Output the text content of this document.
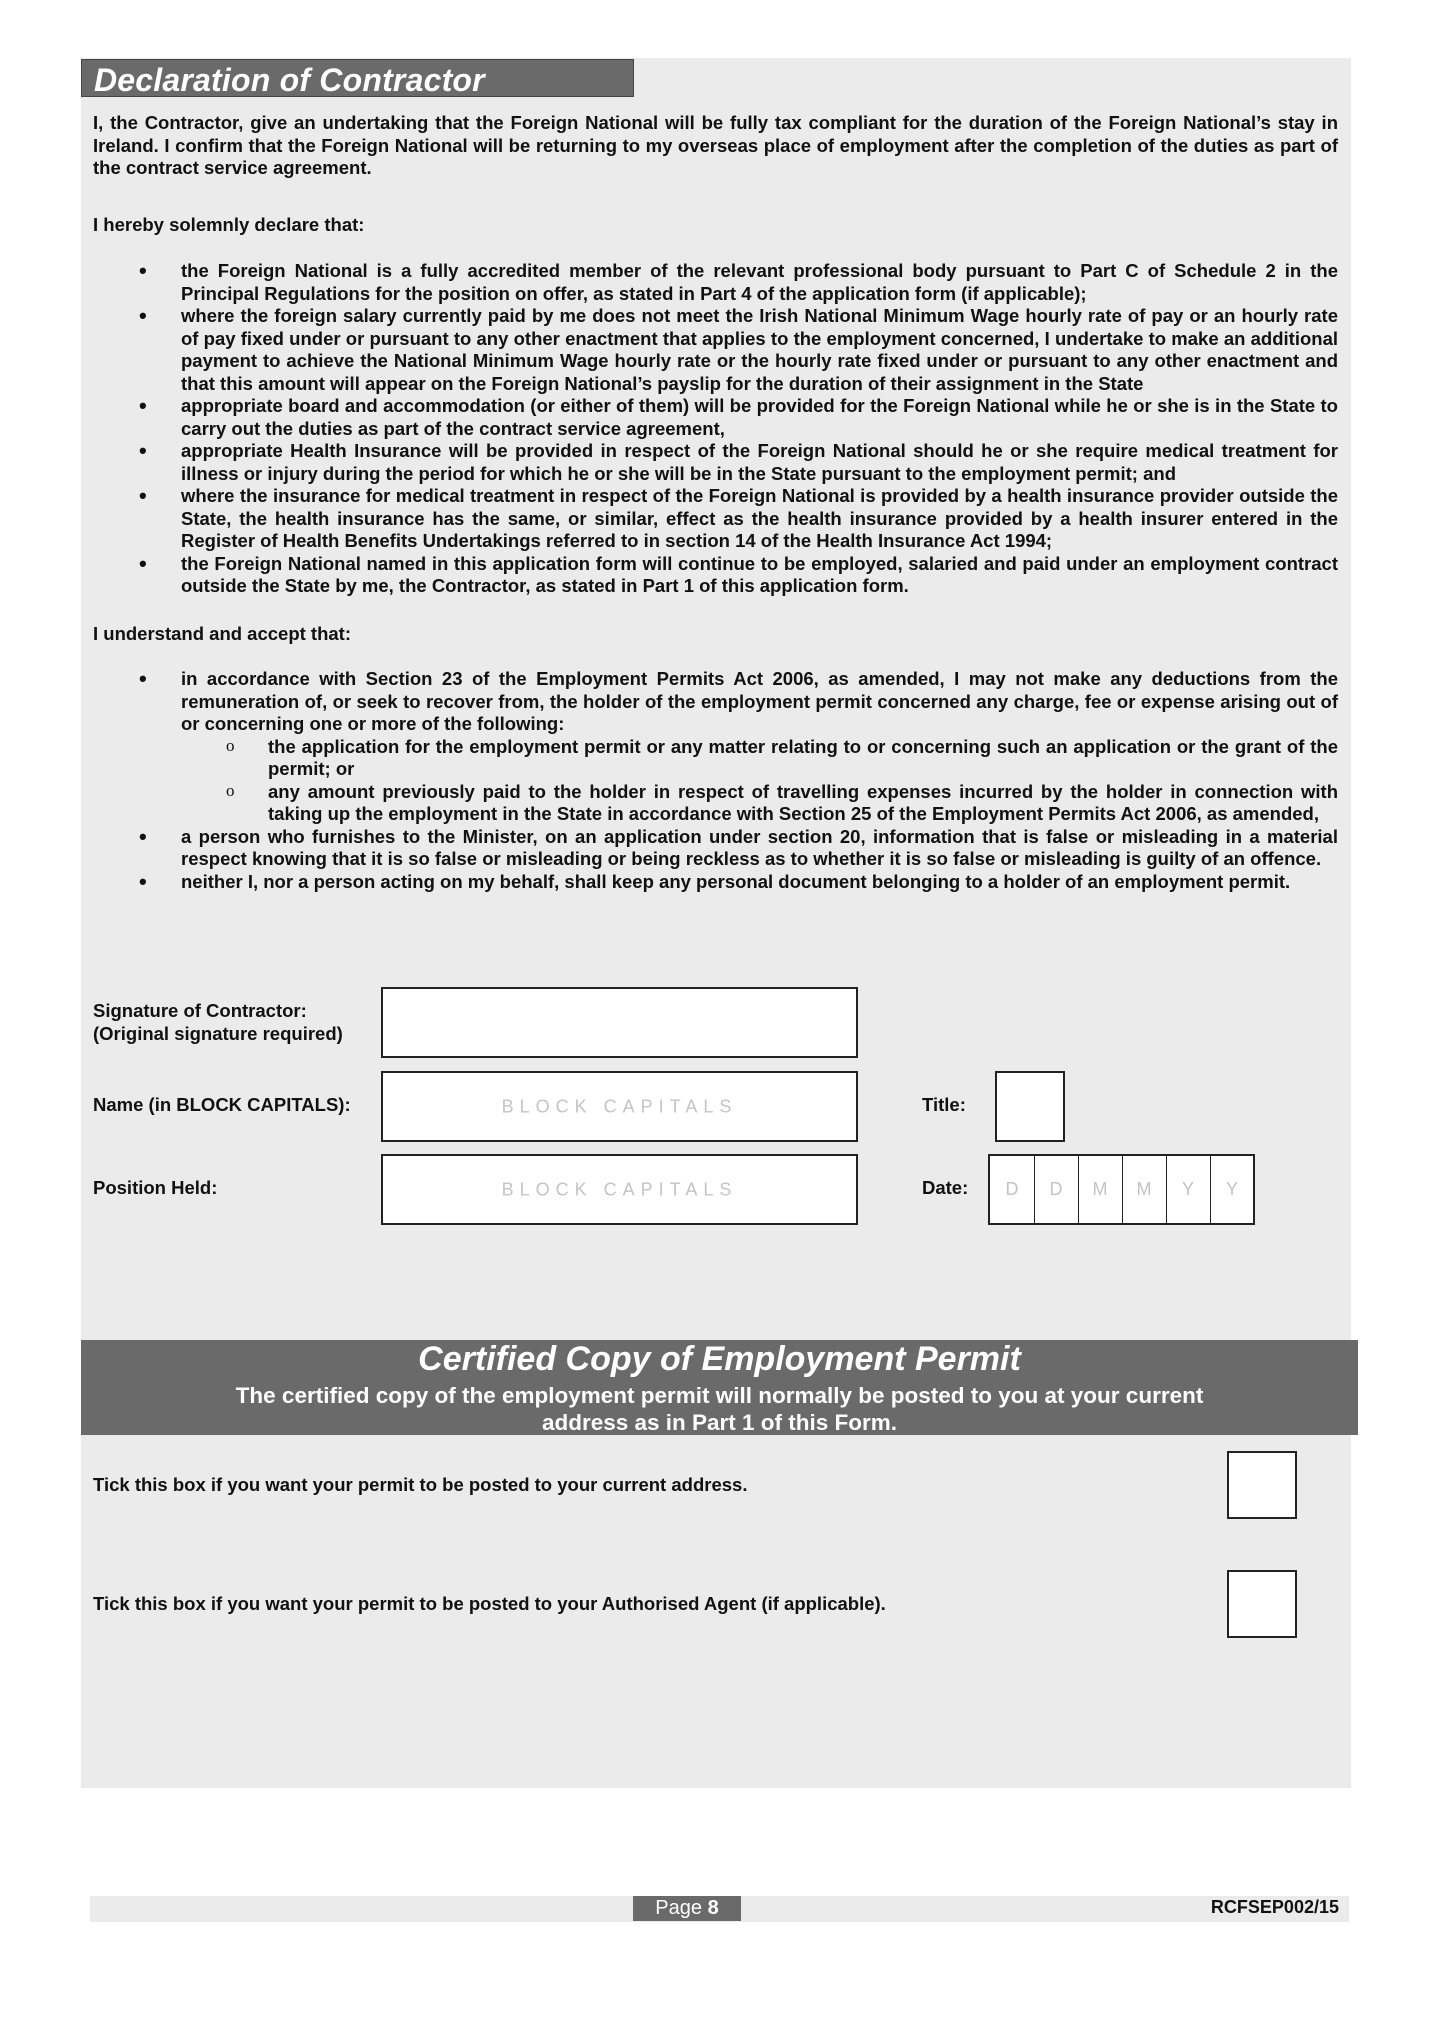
Declaration of Contractor
I, the Contractor, give an undertaking that the Foreign National will be fully tax compliant for the duration of the Foreign National’s stay in Ireland. I confirm that the Foreign National will be returning to my overseas place of employment after the completion of the duties as part of the contract service agreement.
I hereby solemnly declare that:
• the Foreign National is a fully accredited member of the relevant professional body pursuant to Part C of Schedule 2 in the Principal Regulations for the position on offer, as stated in Part 4 of the application form (if applicable);
• where the foreign salary currently paid by me does not meet the Irish National Minimum Wage hourly rate of pay or an hourly rate of pay fixed under or pursuant to any other enactment that applies to the employment concerned, I undertake to make an additional payment to achieve the National Minimum Wage hourly rate or the hourly rate fixed under or pursuant to any other enactment and that this amount will appear on the Foreign National’s payslip for the duration of their assignment in the State
• appropriate board and accommodation (or either of them) will be provided for the Foreign National while he or she is in the State to carry out the duties as part of the contract service agreement,
• appropriate Health Insurance will be provided in respect of the Foreign National should he or she require medical treatment for illness or injury during the period for which he or she will be in the State pursuant to the employment permit; and
• where the insurance for medical treatment in respect of the Foreign National is provided by a health insurance provider outside the State, the health insurance has the same, or similar, effect as the health insurance provided by a health insurer entered in the Register of Health Benefits Undertakings referred to in section 14 of the Health Insurance Act 1994;
• the Foreign National named in this application form will continue to be employed, salaried and paid under an employment contract outside the State by me, the Contractor, as stated in Part 1 of this application form.
I understand and accept that:
• in accordance with Section 23 of the Employment Permits Act 2006, as amended, I may not make any deductions from the remuneration of, or seek to recover from, the holder of the employment permit concerned any charge, fee or expense arising out of or concerning one or more of the following:
o the application for the employment permit or any matter relating to or concerning such an application or the grant of the permit; or
o any amount previously paid to the holder in respect of travelling expenses incurred by the holder in connection with taking up the employment in the State in accordance with Section 25 of the Employment Permits Act 2006, as amended,
• a person who furnishes to the Minister, on an application under section 20, information that is false or misleading in a material respect knowing that it is so false or misleading or being reckless as to whether it is so false or misleading is guilty of an offence.
• neither I, nor a person acting on my behalf, shall keep any personal document belonging to a holder of an employment permit.
Signature of Contractor:
(Original signature required)
Name (in BLOCK CAPITALS):	BLOCK CAPITALS	Title:
Position Held:	BLOCK CAPITALS	Date:	D	D	M	M	Y	Y
Certified Copy of Employment Permit
The certified copy of the employment permit will normally be posted to you at your current address as in Part 1 of this Form.
Tick this box if you want your permit to be posted to your current address.
Tick this box if you want your permit to be posted to your Authorised Agent (if applicable).
Page 8	RCFSEP002/15
